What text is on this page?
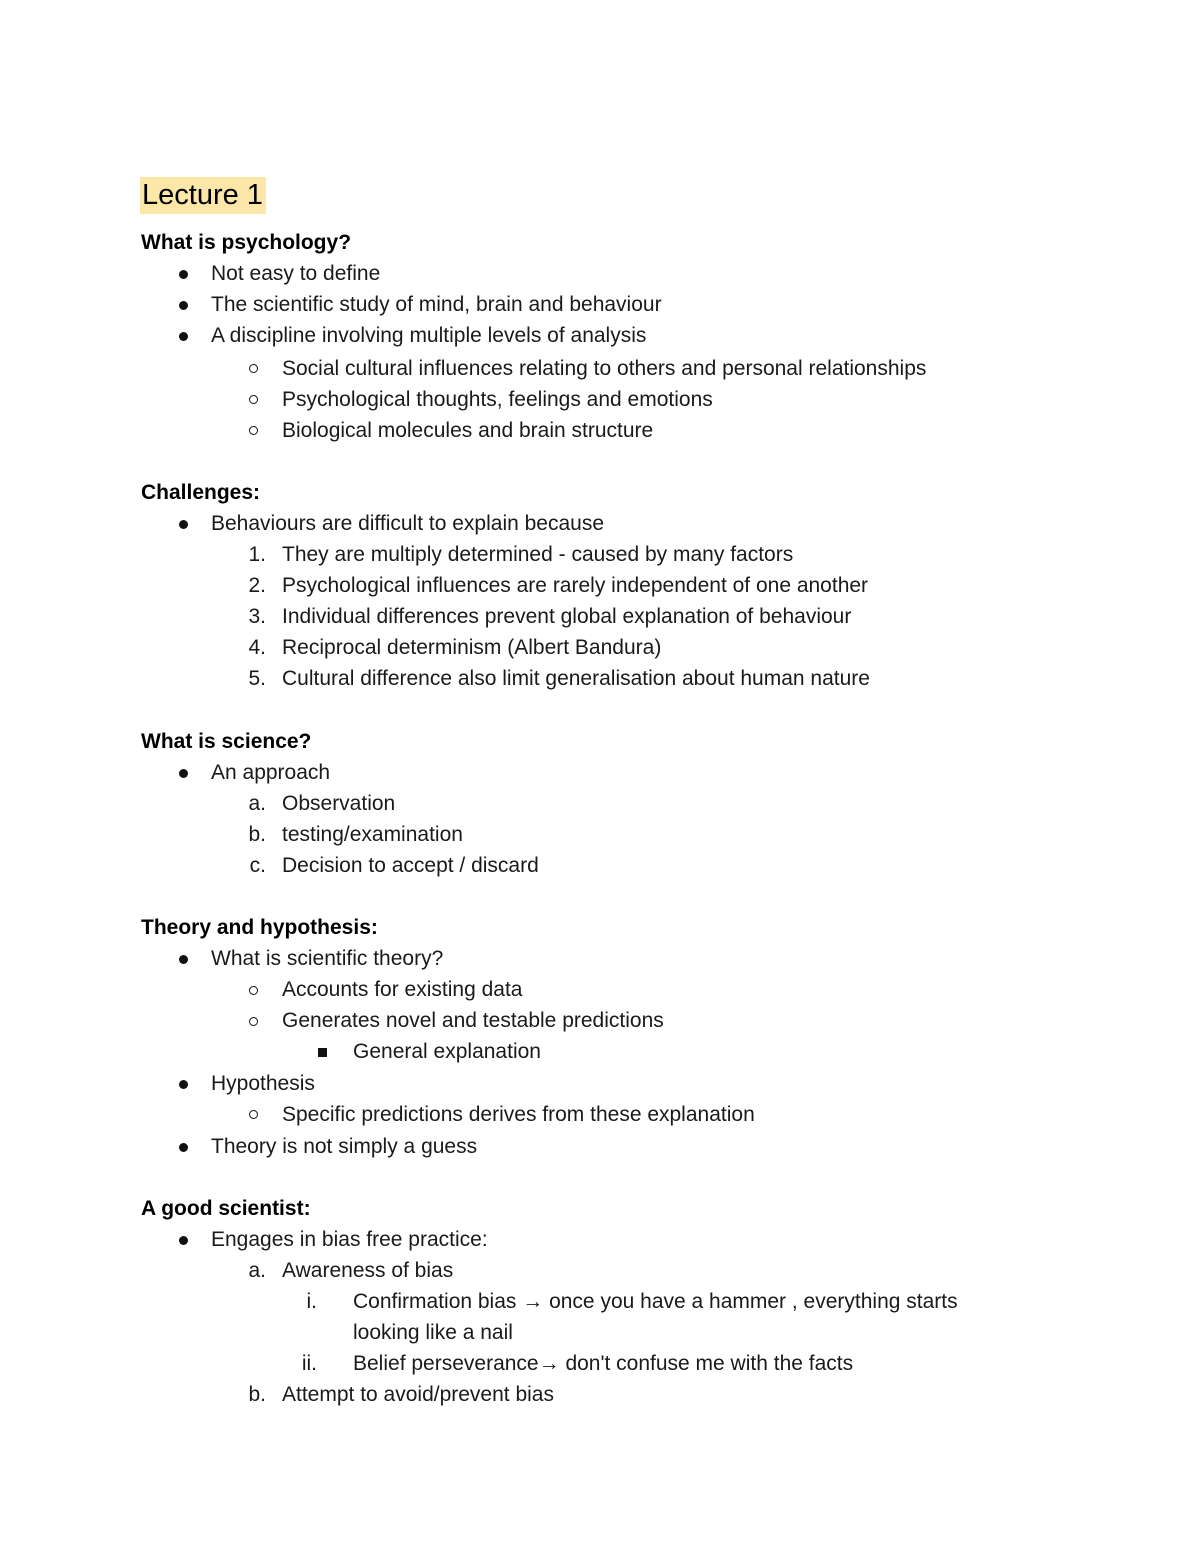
Lecture 1
What is psychology?
Not easy to define
The scientific study of mind, brain and behaviour
A discipline involving multiple levels of analysis
Social cultural influences relating to others and personal relationships
Psychological thoughts, feelings and emotions
Biological molecules and brain structure
Challenges:
Behaviours are difficult to explain because
1. They are multiply determined - caused by many factors
2. Psychological influences are rarely independent of one another
3. Individual differences prevent global explanation of behaviour
4. Reciprocal determinism (Albert Bandura)
5. Cultural difference also limit generalisation about human nature
What is science?
An approach
a. Observation
b. testing/examination
c. Decision to accept / discard
Theory and hypothesis:
What is scientific theory?
Accounts for existing data
Generates novel and testable predictions
General explanation
Hypothesis
Specific predictions derives from these explanation
Theory is not simply a guess
A good scientist:
Engages in bias free practice:
a. Awareness of bias
i. Confirmation bias → once you have a hammer , everything starts
looking like a nail
ii. Belief perseverance→ don't confuse me with the facts
b. Attempt to avoid/prevent bias
